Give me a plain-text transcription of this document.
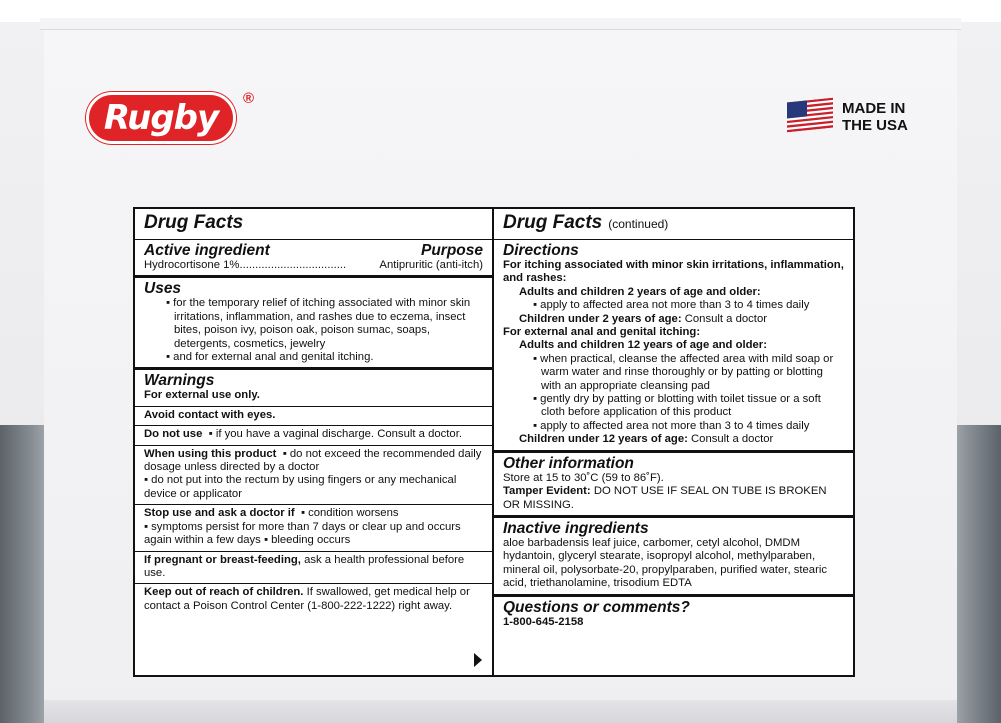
Rugby ®
MADE IN
THE USA
Drug Facts
Active ingredient	Purpose
Hydrocortisone 1%..................................	Antipruritic (anti-itch)
Uses
▪ for the temporary relief of itching associated with minor skin irritations, inflammation, and rashes due to eczema, insect bites, poison ivy, poison oak, poison sumac, soaps, detergents, cosmetics, jewelry
▪ and for external anal and genital itching.
Warnings
For external use only.
Avoid contact with eyes.
Do not use ▪ if you have a vaginal discharge. Consult a doctor.
When using this product ▪ do not exceed the recommended daily dosage unless directed by a doctor
▪ do not put into the rectum by using fingers or any mechanical device or applicator
Stop use and ask a doctor if ▪ condition worsens
▪ symptoms persist for more than 7 days or clear up and occurs again within a few days ▪ bleeding occurs
If pregnant or breast-feeding, ask a health professional before use.
Keep out of reach of children. If swallowed, get medical help or contact a Poison Control Center (1-800-222-1222) right away.
Drug Facts (continued)
Directions
For itching associated with minor skin irritations, inflammation, and rashes:
Adults and children 2 years of age and older:
▪ apply to affected area not more than 3 to 4 times daily
Children under 2 years of age: Consult a doctor
For external anal and genital itching:
Adults and children 12 years of age and older:
▪ when practical, cleanse the affected area with mild soap or warm water and rinse thoroughly or by patting or blotting with an appropriate cleansing pad
▪ gently dry by patting or blotting with toilet tissue or a soft cloth before application of this product
▪ apply to affected area not more than 3 to 4 times daily
Children under 12 years of age: Consult a doctor
Other information
Store at 15 to 30˚C (59 to 86˚F).
Tamper Evident: DO NOT USE IF SEAL ON TUBE IS BROKEN OR MISSING.
Inactive ingredients
aloe barbadensis leaf juice, carbomer, cetyl alcohol, DMDM hydantoin, glyceryl stearate, isopropyl alcohol, methylparaben, mineral oil, polysorbate-20, propylparaben, purified water, stearic acid, triethanolamine, trisodium EDTA
Questions or comments?
1-800-645-2158
